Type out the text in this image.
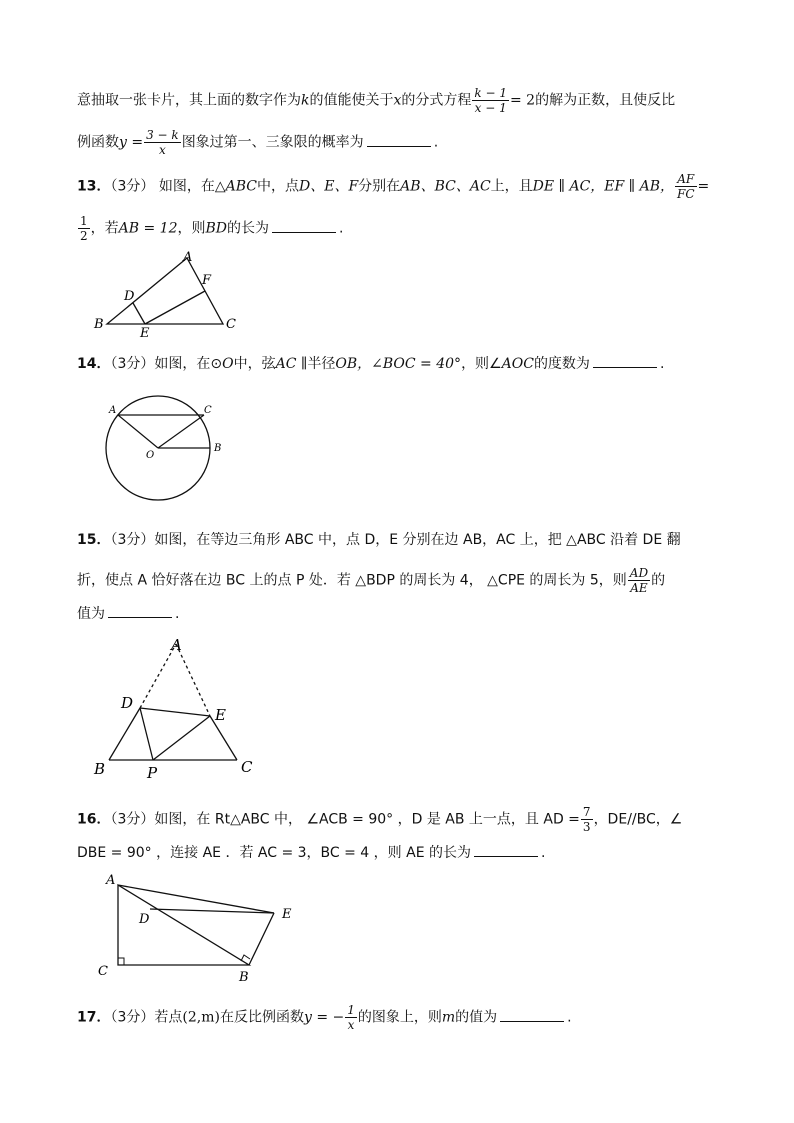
意抽取一张卡片，其上面的数字作为k的值能使关于x的分式方程 $\frac{k - 1}{x - 1} = 2$的解为正数，且使反比
例函数$y = \frac{3 - k}{x}$ 图象过第一、三象限的概率为	.
13．（3分） 如图，在△ABC中，点D、E、F分别在AB、BC、AC上，且DE ∥ AC，EF ∥ AB， $\frac{AF}{FC}$ =
$\frac{1}{2}$ ，若AB = 12，则BD的长为	.
A
B	C
D
E
F
14．（3分）如图，在⊙O中，弦AC ∥半径OB，∠BOC = 40°，则∠AOC的度数为	.
A	C
B
O
15．（3分）如图，在等边三角形 ABC 中，点 D，E 分别在边 AB，AC 上，把 △ABC 沿着 DE 翻
折，使点 A 恰好落在边 BC 上的点 P 处．若 △BDP 的周长为 4， △CPE 的周长为 5，则 $\frac{AD}{AE}$ 的
值为	.
A
B	C
D
E
P
16．（3分）如图，在 Rt△ABC 中， ∠ACB = 90° ，D 是 AB 上一点，且 AD = $\frac{7}{3}$ ，DE//BC，∠
DBE = 90° ，连接 AE ．若 AC = 3，BC = 4 ，则 AE 的长为	.
A
C	B
D	E
17．（3分）若点(2,m)在反比例函数y = − $\frac{1}{x}$ 的图象上，则m的值为	.
